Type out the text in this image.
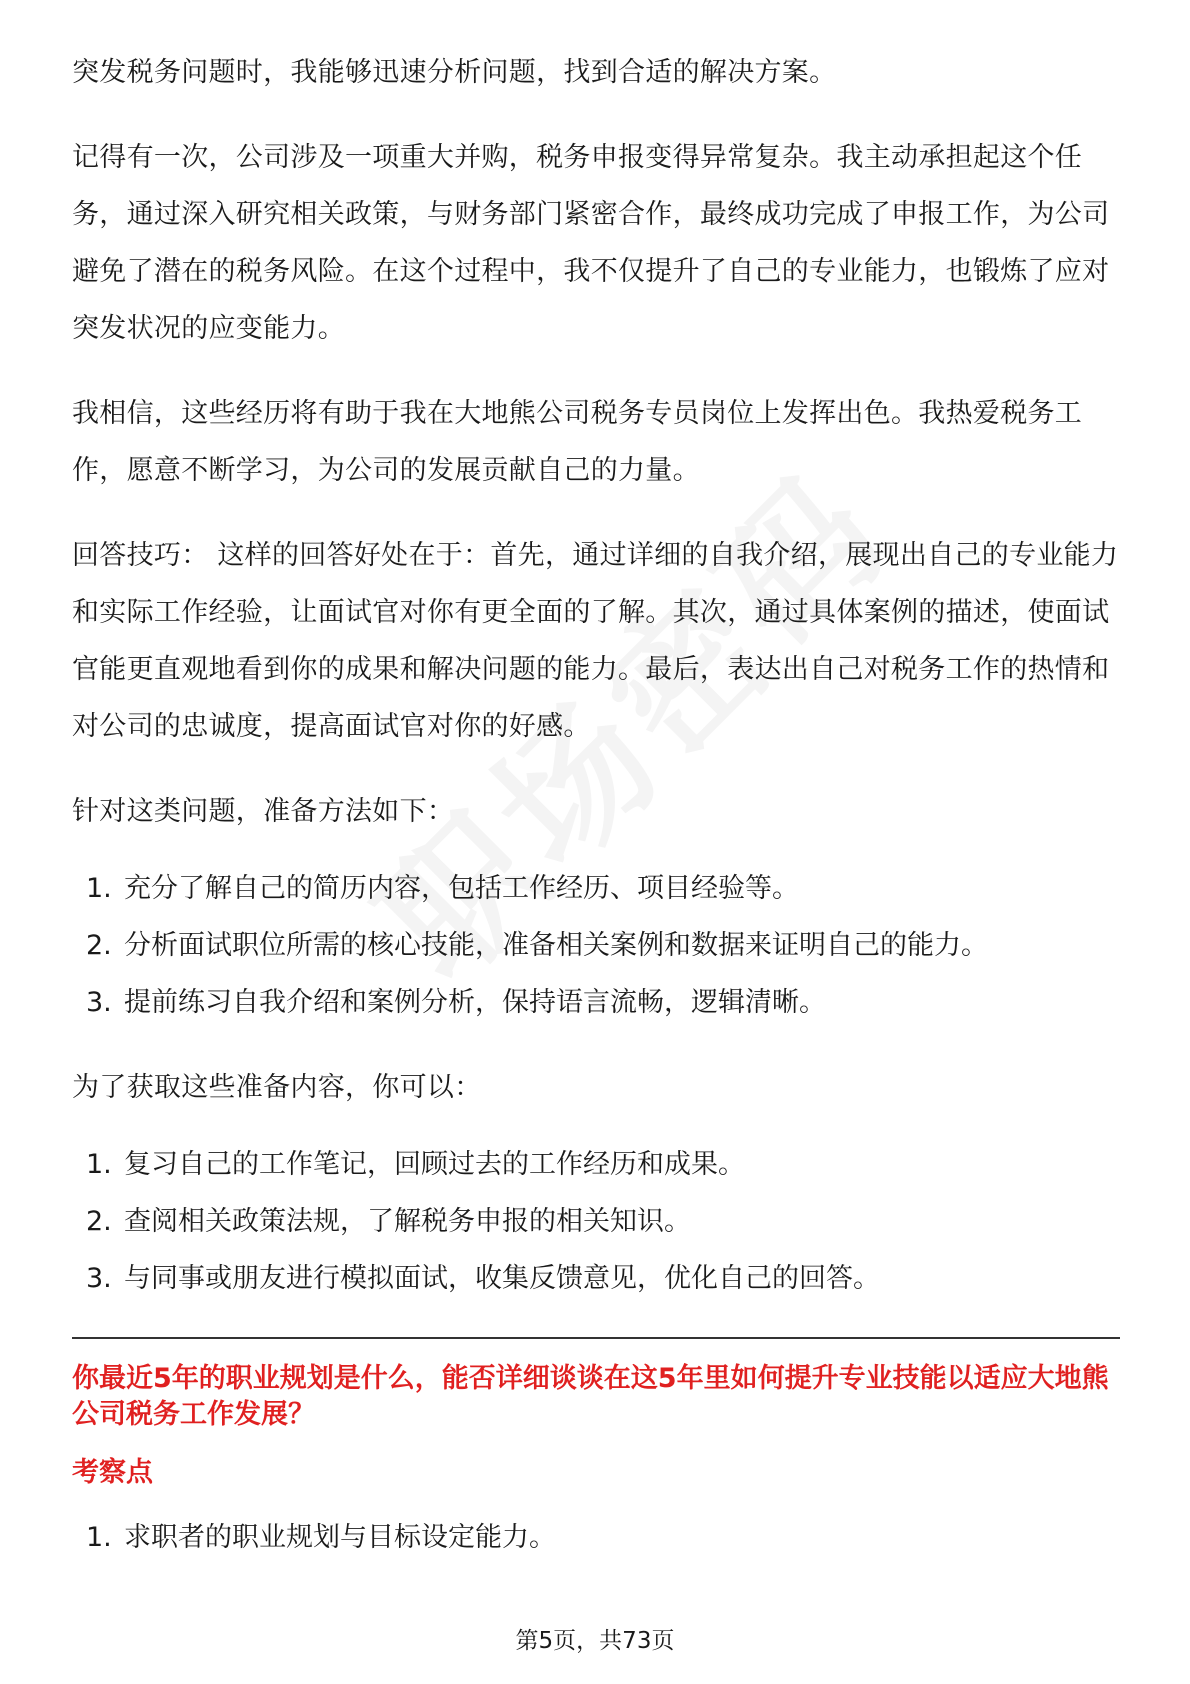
突发税务问题时，我能够迅速分析问题，找到合适的解决方案。

记得有一次，公司涉及一项重大并购，税务申报变得异常复杂。我主动承担起这个任务，通过深入研究相关政策，与财务部门紧密合作，最终成功完成了申报工作，为公司避免了潜在的税务风险。在这个过程中，我不仅提升了自己的专业能力，也锻炼了应对突发状况的应变能力。

我相信，这些经历将有助于我在大地熊公司税务专员岗位上发挥出色。我热爱税务工作，愿意不断学习，为公司的发展贡献自己的力量。

回答技巧： 这样的回答好处在于：首先，通过详细的自我介绍，展现出自己的专业能力和实际工作经验，让面试官对你有更全面的了解。其次，通过具体案例的描述，使面试官能更直观地看到你的成果和解决问题的能力。最后，表达出自己对税务工作的热情和对公司的忠诚度，提高面试官对你的好感。

针对这类问题，准备方法如下：

1. 充分了解自己的简历内容，包括工作经历、项目经验等。
2. 分析面试职位所需的核心技能，准备相关案例和数据来证明自己的能力。
3. 提前练习自我介绍和案例分析，保持语言流畅，逻辑清晰。

为了获取这些准备内容，你可以：

1. 复习自己的工作笔记，回顾过去的工作经历和成果。
2. 查阅相关政策法规，了解税务申报的相关知识。
3. 与同事或朋友进行模拟面试，收集反馈意见，优化自己的回答。

你最近5年的职业规划是什么，能否详细谈谈在这5年里如何提升专业技能以适应大地熊公司税务工作发展？

考察点

1. 求职者的职业规划与目标设定能力。
第5页，共73页
